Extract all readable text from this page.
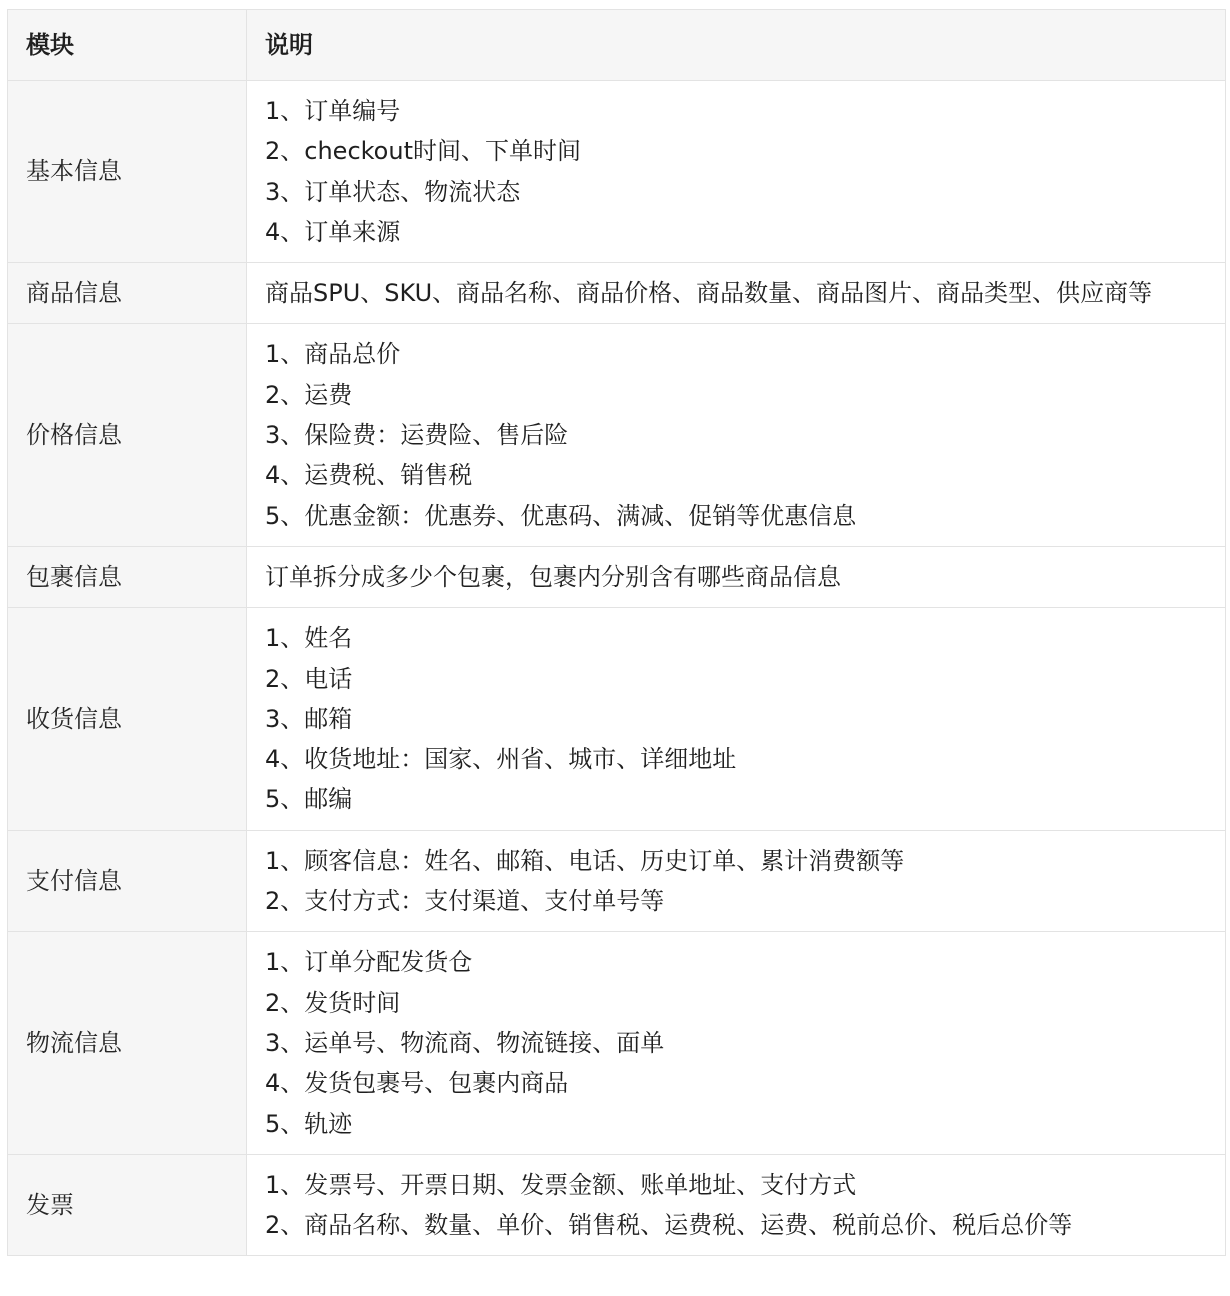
模块	说明
基本信息	1、订单编号
2、checkout时间、下单时间
3、订单状态、物流状态
4、订单来源

商品信息	商品SPU、SKU、商品名称、商品价格、商品数量、商品图片、商品类型、供应商等

价格信息	1、商品总价
2、运费
3、保险费：运费险、售后险
4、运费税、销售税
5、优惠金额：优惠券、优惠码、满减、促销等优惠信息

包裹信息	订单拆分成多少个包裹，包裹内分别含有哪些商品信息

收货信息	1、姓名
2、电话
3、邮箱
4、收货地址：国家、州省、城市、详细地址
5、邮编

支付信息	1、顾客信息：姓名、邮箱、电话、历史订单、累计消费额等
2、支付方式：支付渠道、支付单号等

物流信息	1、订单分配发货仓
2、发货时间
3、运单号、物流商、物流链接、面单
4、发货包裹号、包裹内商品
5、轨迹

发票	1、发票号、开票日期、发票金额、账单地址、支付方式
2、商品名称、数量、单价、销售税、运费税、运费、税前总价、税后总价等
